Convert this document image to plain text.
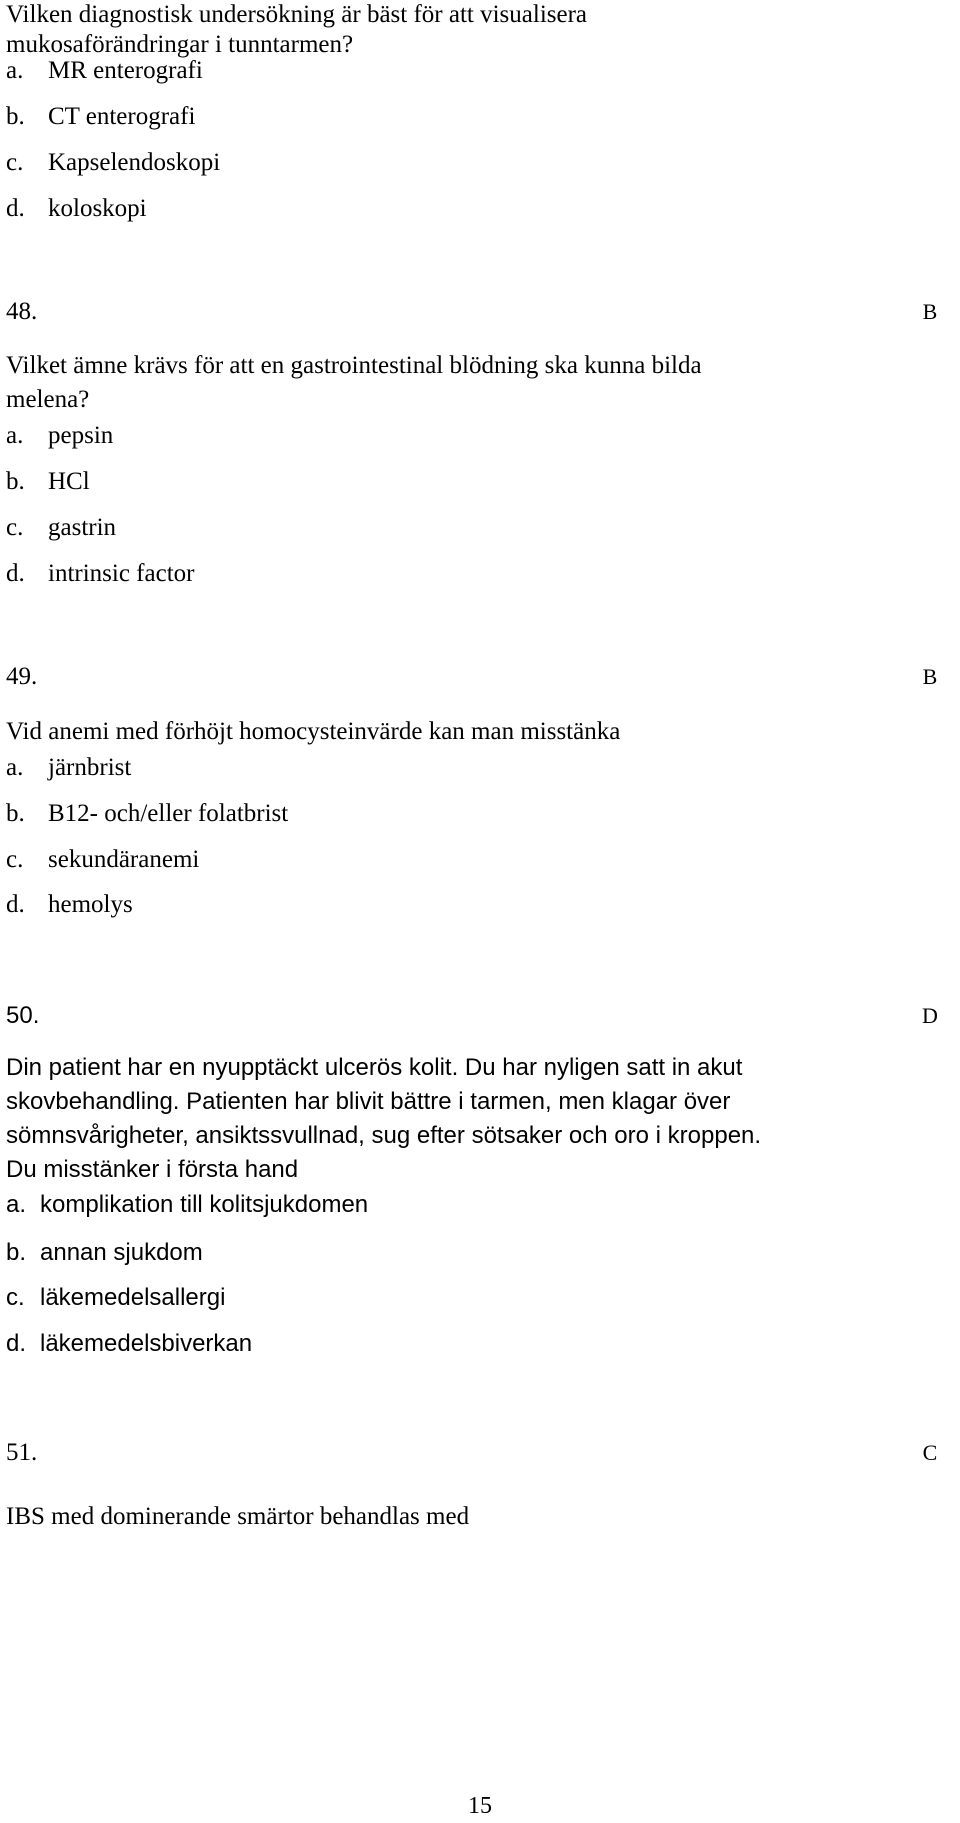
Vilken diagnostisk undersökning är bäst för att visualisera
mukosaförändringar i tunntarmen?
a. MR enterografi
b. CT enterografi
c. Kapselendoskopi
d. koloskopi
48.	B
Vilket ämne krävs för att en gastrointestinal blödning ska kunna bilda
melena?
a. pepsin
b. HCl
c. gastrin
d. intrinsic factor
49.	B
Vid anemi med förhöjt homocysteinvärde kan man misstänka
a. järnbrist
b. B12- och/eller folatbrist
c. sekundäranemi
d. hemolys
50.	D
Din patient har en nyupptäckt ulcerös kolit. Du har nyligen satt in akut
skovbehandling. Patienten har blivit bättre i tarmen, men klagar över
sömnsvårigheter, ansiktssvullnad, sug efter sötsaker och oro i kroppen.
Du misstänker i första hand
a. komplikation till kolitsjukdomen
b. annan sjukdom
c. läkemedelsallergi
d. läkemedelsbiverkan
51.	C
IBS med dominerande smärtor behandlas med
15
